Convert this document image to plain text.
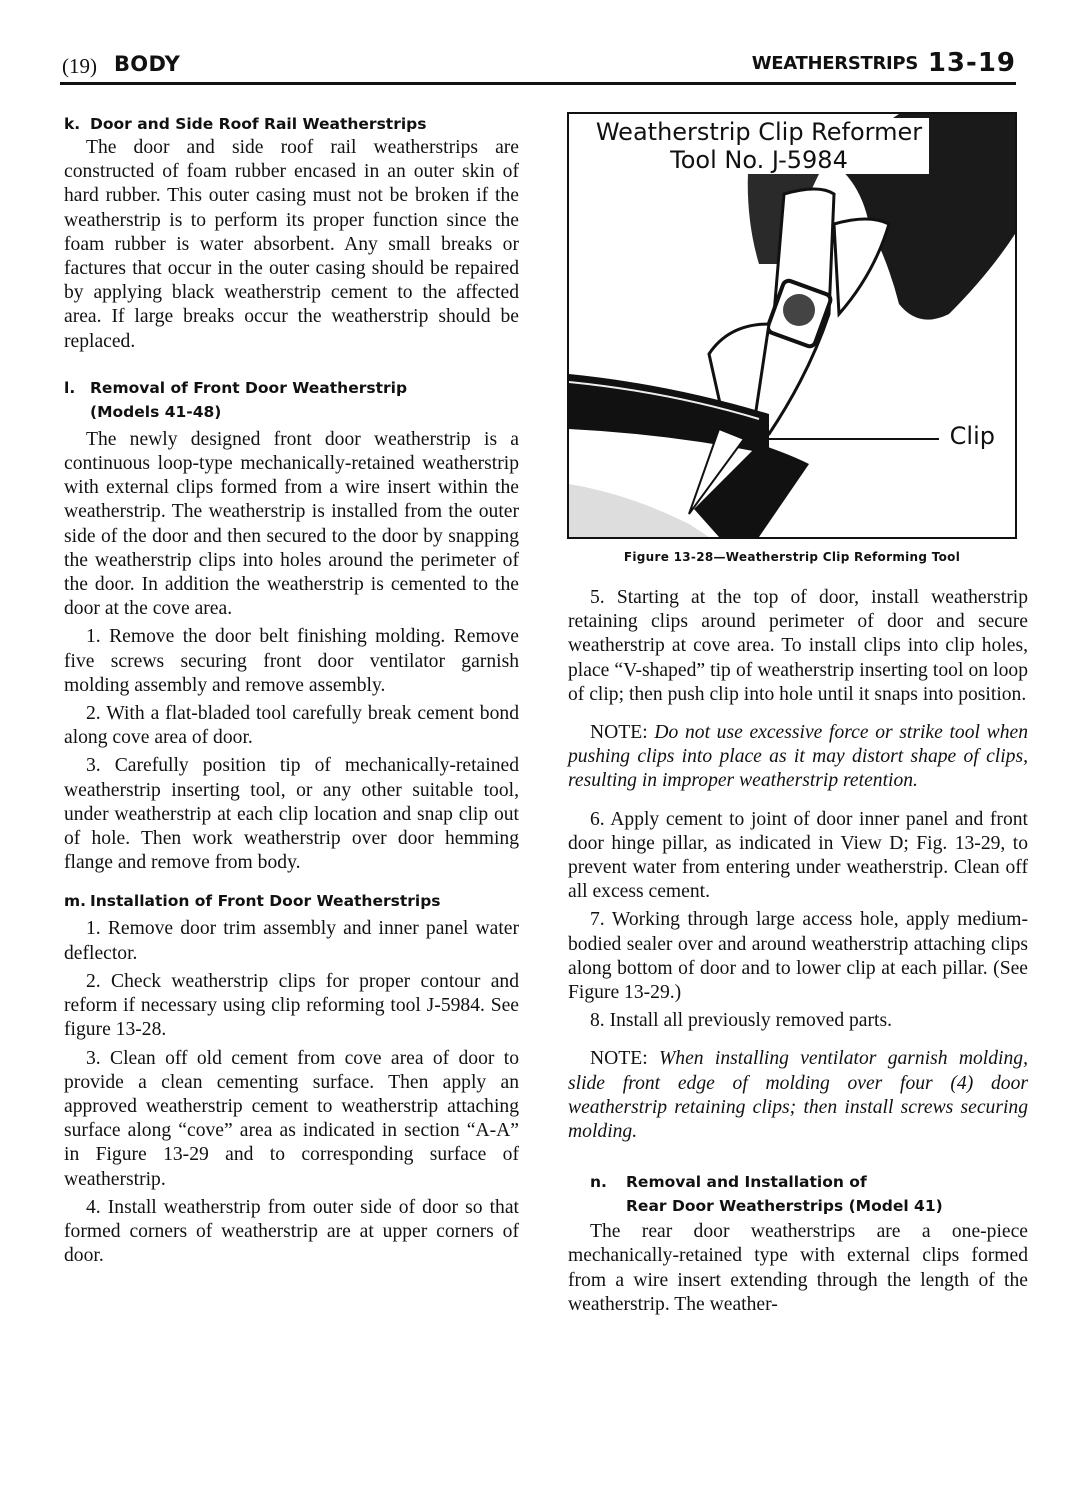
(19) BODY	WEATHERSTRIPS 13-19
k. Door and Side Roof Rail Weatherstrips

The door and side roof rail weatherstrips are constructed of foam rubber encased in an outer skin of hard rubber. This outer casing must not be broken if the weatherstrip is to perform its proper function since the foam rubber is water absorbent. Any small breaks or factures that occur in the outer casing should be repaired by applying black weatherstrip cement to the affected area. If large breaks occur the weatherstrip should be replaced.

l. Removal of Front Door Weatherstrip
(Models 41-48)

The newly designed front door weatherstrip is a continuous loop-type mechanically-retained weatherstrip with external clips formed from a wire insert within the weatherstrip. The weatherstrip is installed from the outer side of the door and then secured to the door by snapping the weatherstrip clips into holes around the perimeter of the door. In addition the weatherstrip is cemented to the door at the cove area.

1. Remove the door belt finishing molding. Remove five screws securing front door ventilator garnish molding assembly and remove assembly.

2. With a flat-bladed tool carefully break cement bond along cove area of door.

3. Carefully position tip of mechanically-retained weatherstrip inserting tool, or any other suitable tool, under weatherstrip at each clip location and snap clip out of hole. Then work weatherstrip over door hemming flange and remove from body.

m. Installation of Front Door Weatherstrips

1. Remove door trim assembly and inner panel water deflector.

2. Check weatherstrip clips for proper contour and reform if necessary using clip reforming tool J-5984. See figure 13-28.

3. Clean off old cement from cove area of door to provide a clean cementing surface. Then apply an approved weatherstrip cement to weatherstrip attaching surface along “cove” area as indicated in section “A-A” in Figure 13-29 and to corresponding surface of weatherstrip.

4. Install weatherstrip from outer side of door so that formed corners of weatherstrip are at upper corners of door.

Weatherstrip Clip Reformer
Tool No. J-5984
Clip
Figure 13-28—Weatherstrip Clip Reforming Tool

5. Starting at the top of door, install weatherstrip retaining clips around perimeter of door and secure weatherstrip at cove area. To install clips into clip holes, place “V-shaped” tip of weatherstrip inserting tool on loop of clip; then push clip into hole until it snaps into position.

NOTE: Do not use excessive force or strike tool when pushing clips into place as it may distort shape of clips, resulting in improper weatherstrip retention.

6. Apply cement to joint of door inner panel and front door hinge pillar, as indicated in View D; Fig. 13-29, to prevent water from entering under weatherstrip. Clean off all excess cement.

7. Working through large access hole, apply medium-bodied sealer over and around weatherstrip attaching clips along bottom of door and to lower clip at each pillar. (See Figure 13-29.)

8. Install all previously removed parts.

NOTE: When installing ventilator garnish molding, slide front edge of molding over four (4) door weatherstrip retaining clips; then install screws securing molding.

n. Removal and Installation of
Rear Door Weatherstrips (Model 41)

The rear door weatherstrips are a one-piece mechanically-retained type with external clips formed from a wire insert extending through the length of the weatherstrip. The weather-
